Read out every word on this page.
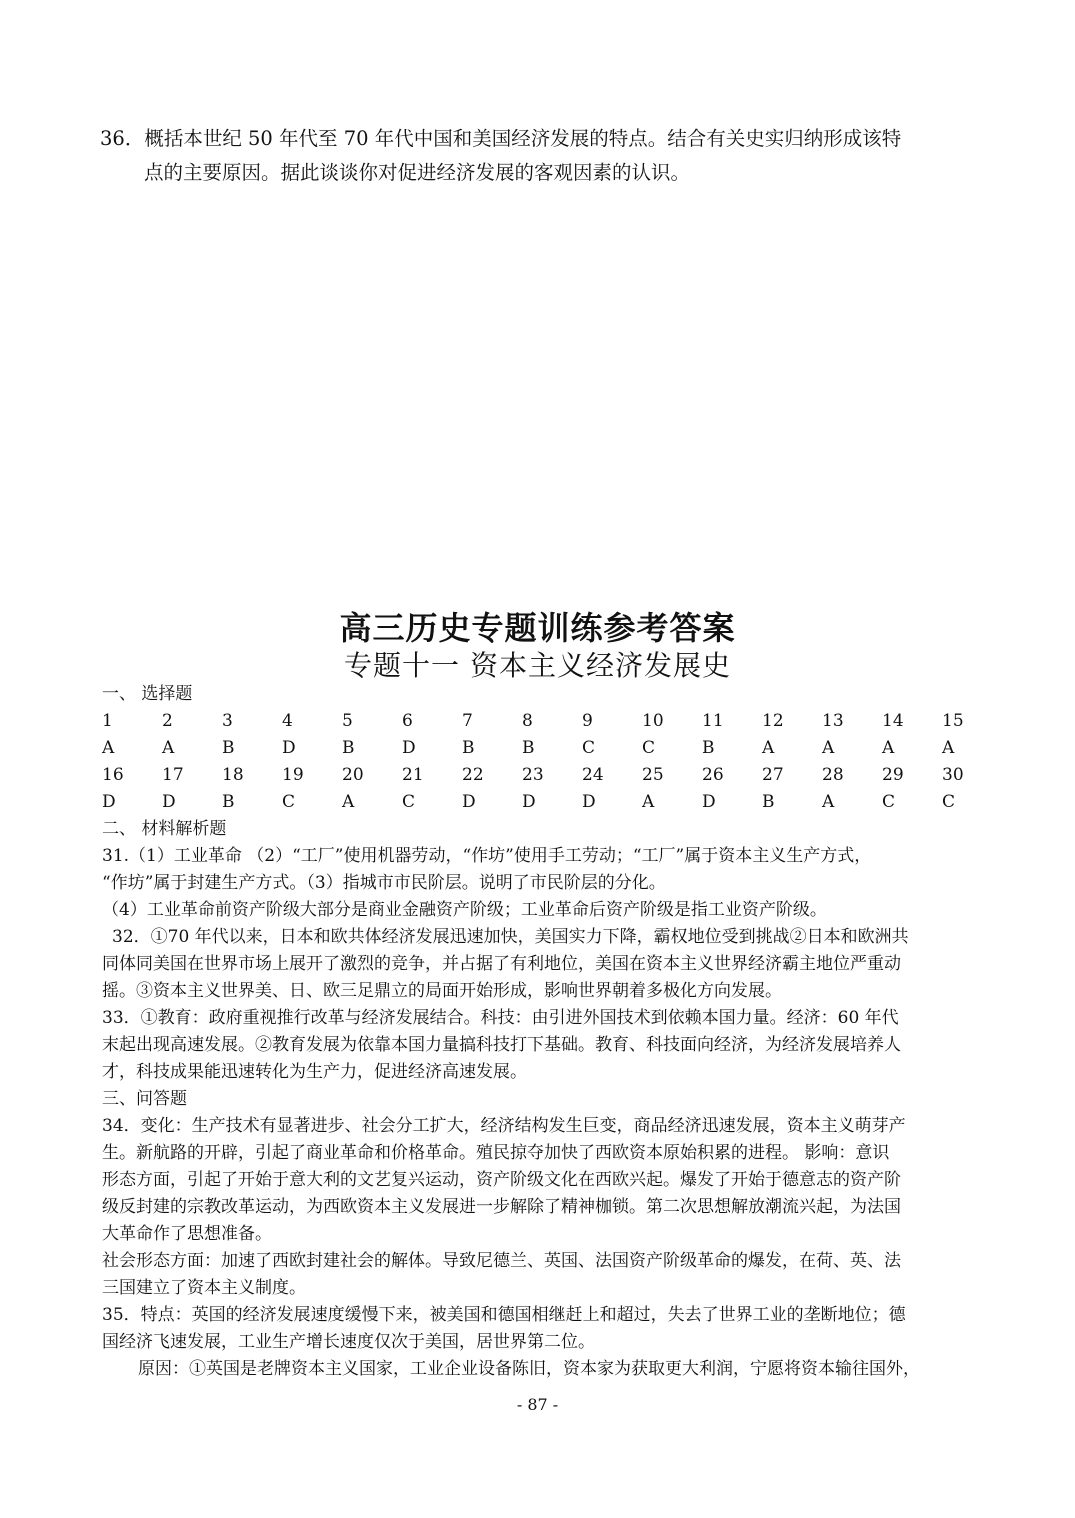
36．概括本世纪 50 年代至 70 年代中国和美国经济发展的特点。结合有关史实归纳形成该特
点的主要原因。据此谈谈你对促进经济发展的客观因素的认识。
高三历史专题训练参考答案
专题十一 资本主义经济发展史

一、 选择题

1	2	3	4	5	6	7	8	9	10	11	12	13	14	15
A	A	B	D	B	D	B	B	C	C	B	A	A	A	A
16	17	18	19	20	21	22	23	24	25	26	27	28	29	30
D	D	B	C	A	C	D	D	D	A	D	B	A	C	C

二、 材料解析题

31.（1）工业革命 （2）“工厂”使用机器劳动，“作坊”使用手工劳动；“工厂”属于资本主义生产方式，

“作坊”属于封建生产方式。（3）指城市市民阶层。说明了市民阶层的分化。

（4）工业革命前资产阶级大部分是商业金融资产阶级；工业革命后资产阶级是指工业资产阶级。

32．①70 年代以来，日本和欧共体经济发展迅速加快，美国实力下降，霸权地位受到挑战②日本和欧洲共

同体同美国在世界市场上展开了激烈的竞争，并占据了有利地位，美国在资本主义世界经济霸主地位严重动

摇。③资本主义世界美、日、欧三足鼎立的局面开始形成，影响世界朝着多极化方向发展。

33．①教育：政府重视推行改革与经济发展结合。科技：由引进外国技术到依赖本国力量。经济：60 年代

末起出现高速发展。②教育发展为依靠本国力量搞科技打下基础。教育、科技面向经济，为经济发展培养人

才，科技成果能迅速转化为生产力，促进经济高速发展。

三、问答题

34．变化：生产技术有显著进步、社会分工扩大，经济结构发生巨变，商品经济迅速发展，资本主义萌芽产

生。新航路的开辟，引起了商业革命和价格革命。殖民掠夺加快了西欧资本原始积累的进程。 影响：意识

形态方面，引起了开始于意大利的文艺复兴运动，资产阶级文化在西欧兴起。爆发了开始于德意志的资产阶

级反封建的宗教改革运动，为西欧资本主义发展进一步解除了精神枷锁。第二次思想解放潮流兴起，为法国

大革命作了思想准备。

社会形态方面：加速了西欧封建社会的解体。导致尼德兰、英国、法国资产阶级革命的爆发，在荷、英、法

三国建立了资本主义制度。

35．特点：英国的经济发展速度缓慢下来，被美国和德国相继赶上和超过，失去了世界工业的垄断地位；德

国经济飞速发展，工业生产增长速度仅次于美国，居世界第二位。

原因：①英国是老牌资本主义国家，工业企业设备陈旧，资本家为获取更大利润，宁愿将资本输往国外，

- 87 -
